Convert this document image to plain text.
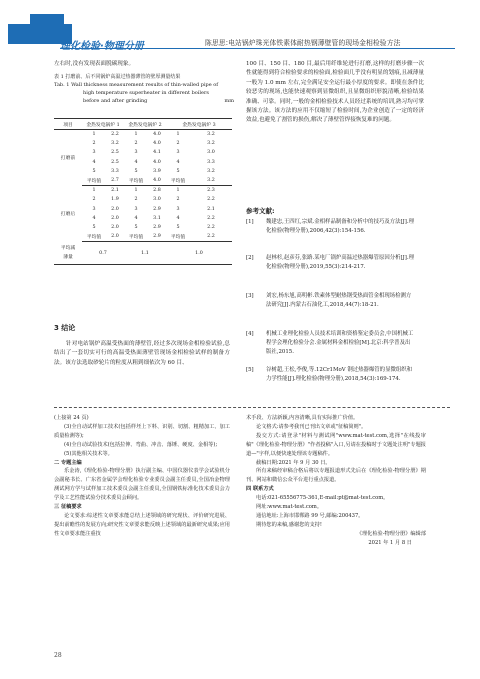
理化检验·物理分册	陈思思:电站锅炉珠光体铁素体耐热钢薄壁管的现场金相检验方法
左右时,没有发现表面脱碳现象。
表 1 打磨前、后不同锅炉高温过热器薄管的壁厚测量结果
Tab. 1 Wall thickness measurement results of thin-walled pipe of
high temperature superheater in different boilers
before and after grinding	mm
项目	金热发电锅炉 1		金热发电锅炉 2		金热发电锅炉 3	
打磨前	1	2.2	1	4.0	1	3.2
	2	3.2	2	4.0	2	3.2
	3	2.5	3	4.1	3	3.0
	4	2.5	4	4.0	4	3.3
	5	3.3	5	3.9	5	3.2
	平均值	2.7	平均值	4.0	平均值	3.2
打磨后	1	2.1	1	2.8	1	2.3
	2	1.9	2	3.0	2	2.2
	3	2.0	3	2.9	3	2.1
	4	2.0	4	3.1	4	2.2
	5	2.0	5	2.9	5	2.2
	平均值	2.0	平均值	2.9	平均值	2.2

平均减
薄量	0.7		1.1		1.0	
3 结论
针对电站锅炉高温受热面的薄壁管,经过多次现场金相检验试验,总结出了一套切实可行的高温受热面薄壁管现场金相检验试样的制备方法。该方法选取砂轮片的粒度从粗到细依次为 60 目、
100 目、150 目、180 目,最后用纤维轮进行打磨,这样的打磨步骤一次性就能得到符合检验要求的检验面,检验面几乎没有明显的划痕,且减薄量一般为 1.0 mm 左右,完全满足安全运行最小厚度的要求。即使在条件比较恶劣的现场,也能快速观察到显微组织,且显微组织形貌清晰,检验结果准确、可靠。同时,一般的金相检验技术人员经过系统的培训,熟习均可掌握该方法。该方法的应用不仅缩短了检验时间,为企业创造了一定的经济效益,也避免了割管的损伤,解决了薄壁管焊接恢复难的问题。
参考文献:
[1] 魏建忠,王四红,宗斌.金相样品制备和分析中的技巧及方法[J].理化检验(物理分册),2006,42(3):154-156.
[2] 赵林杉,赵彦芬,张路.某电厂锅炉高温过热器爆管原因分析[J].理化检验(物理分册),2019,55(3):214-217.
[3] 刘宏,杨东旭,高明彬.铁素体型耐热钢受热面管金相现场检测方法研究[J].内蒙古石油化工,2018,44(7):18-21.
[4] 机械工业理化检验人员技术培训和资格鉴定委员会,中国机械工程学会理化检验分会.金属材料金相检验[M].北京:科学普及出版社,2015.
[5] 谷树超,王松,李俊,等.12Cr1MoV 钢过热器爆管的显微组织和力学性能[J].理化检验(物理分册),2018,54(3):169-174.

(上接第 24 页)

(3)全自动试样加工技术(包括样坯上下料、识别、切割、粗精加工、加工质量检测等);

(4)全自动试验技术(包括拉伸、弯曲、冲击、落锤、硬度、金相等);

(5)其他相关技术等。

二 专题主编

乐金涛,《理化检验-物理分册》执行副主编、中国仪器仪表学会试验机分会副秘书长、广东省金属学会理化检验专业委员会副主任委员,全国冶金物理测试网方学与试样加工技术委员会副主任委员,全国钢铁标准化技术委员会力学及工艺性能试验分技术委员会顾问。

三 征稿要求

论文要求:综述性文章要求能总结上述领域的研究现状、评价研究进展、提出前瞻性的发展方向;研究性文章要求能反映上述领域的最新研究成果;应用性文章要求能注重技

术手段、方法新颖,内容清晰,具有实际推广价值。

论文格式:请参考我刊已刊出文章或"征稿简则"。

投交方式:请登录"材料与测试网"www.mat-test.com,选择"在线投审稿"《理化检验-物理分册》"作者投稿"入口,另请在投稿时于文题处注明"专题报道—"字样,以便快速处理该专题稿件。

截稿日期:2021 年 9 月 30 日。

所有来稿经审稿合格后将以专题报道形式先后在《理化检验-物理分册》期刊、网站和微信公众平台进行重点报道。

四 联系方式

电话:021-65556775-361,E-mail:pt@mat-test.com。

网址:www.mat-test.com。

通信地址:上海市邯郸路 99 号,邮编:200437。

期待您的来稿,感谢您的支持!

《理化检验-物理分册》编辑部

2021 年 1 月 8 日

28
